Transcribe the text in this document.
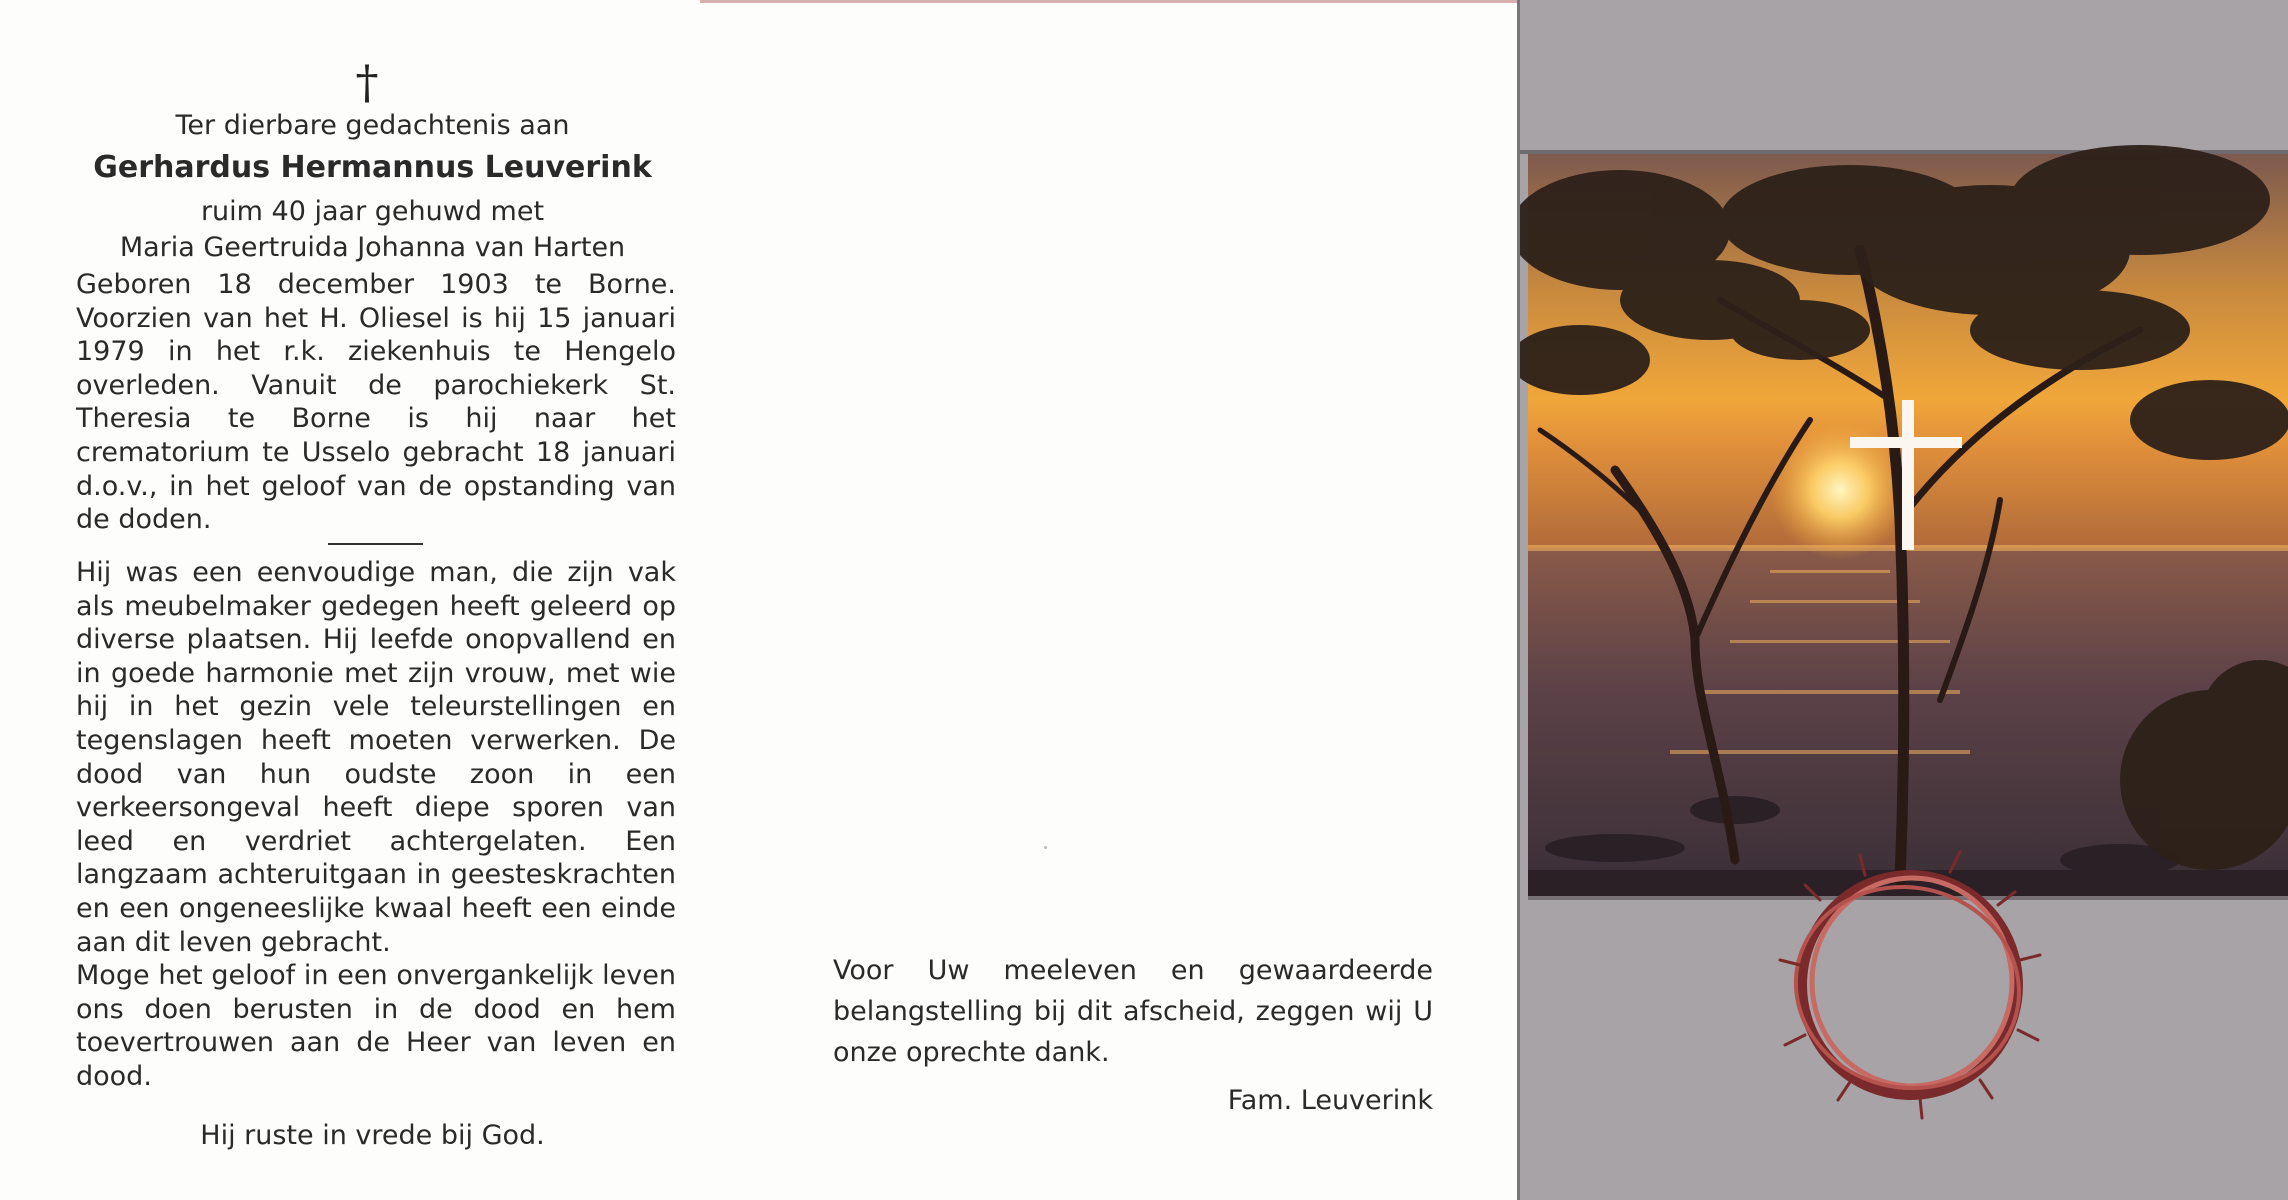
†
Ter dierbare gedachtenis aan
Gerhardus Hermannus Leuverink
ruim 40 jaar gehuwd met
Maria Geertruida Johanna van Harten

Geboren 18 december 1903 te Borne. Voorzien van het H. Oliesel is hij 15 januari 1979 in het r.k. ziekenhuis te Hengelo overleden. Vanuit de parochiekerk St. Theresia te Borne is hij naar het crematorium te Usselo gebracht 18 januari d.o.v., in het geloof van de opstanding van de doden.

Hij was een eenvoudige man, die zijn vak als meubelmaker gedegen heeft geleerd op diverse plaatsen. Hij leefde onopvallend en in goede harmonie met zijn vrouw, met wie hij in het gezin vele teleurstellingen en tegenslagen heeft moeten verwerken. De dood van hun oudste zoon in een verkeersongeval heeft diepe sporen van leed en verdriet achtergelaten. Een langzaam achteruitgaan in geesteskrachten en een ongeneeslijke kwaal heeft een einde aan dit leven gebracht.

Moge het geloof in een onvergankelijk leven ons doen berusten in de dood en hem toevertrouwen aan de Heer van leven en dood.

Hij ruste in vrede bij God.
Voor Uw meeleven en gewaardeerde belangstelling bij dit afscheid, zeggen wij U onze oprechte dank.
Fam. Leuverink
